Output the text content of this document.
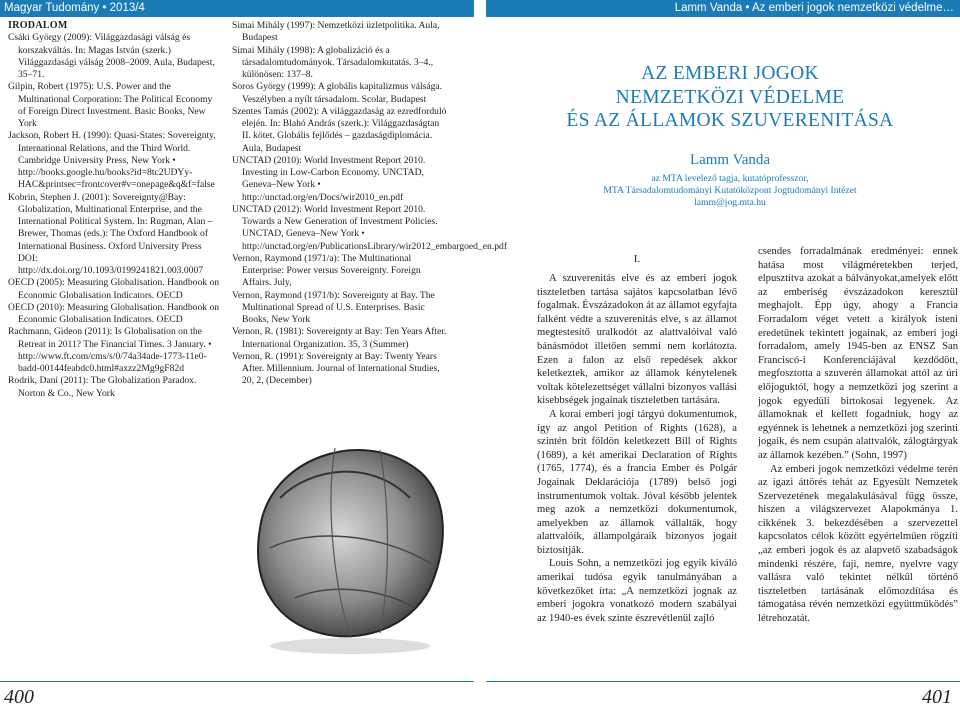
Magyar Tudomány • 2013/4	Lamm Vanda • Az emberi jogok nemzetközi védelme…

IRODALOM

Csáki György (2009): Világgazdasági válság és korszakváltás. In: Magas István (szerk.) Világgazdasági válság 2008–2009. Aula, Budapest, 35–71.

Gilpin, Robert (1975): U.S. Power and the Multinational Corporation: The Political Economy of Foreign Direct Investment. Basic Books, New York

Jackson, Robert H. (1990): Quasi-States: Sovereignty, International Relations, and the Third World. Cambridge University Press, New York • http://books.google.hu/books?id=8tc2UDYy-HAC&printsec=frontcover#v=onepage&q&f=false

Kobrin, Stephen J. (2001): Sovereignty@Bay: Globalization, Multinational Enterprise, and the International Political System. In: Rugman, Alan – Brewer, Thomas (eds.): The Oxford Handbook of International Business. Oxford University Press DOI: http://dx.doi.org/10.1093/0199241821.003.0007

OECD (2005): Measuring Globalisation. Handbook on Economic Globalisation Indicators. OECD

OECD (2010): Measuring Globalisation. Handbook on Economic Globalisation Indicators. OECD

Rachmann, Gideon (2011): Is Globalisation on the Retreat in 2011? The Financial Times. 3 January. • http://www.ft.com/cms/s/0/74a34ade-1773-11e0-badd-00144feabdc0.html#axzz2Mg9gF82d

Rodrik, Dani (2011): The Globalization Paradox. Norton & Co., New York

Simai Mihály (1997): Nemzetközi üzletpolitika. Aula, Budapest

Simai Mihály (1998): A globalizáció és a társadalomtudományok. Társadalomkutatás. 3–4., különösen: 137–8.

Soros György (1999): A globális kapitalizmus válsága. Veszélyben a nyílt társadalom. Scolar, Budapest

Szentes Tamás (2002): A világgazdaság az ezredforduló elején. In: Blahó András (szerk.): Világgazdaságtan II. kötet. Globális fejlődés – gazdaságdiplomácia. Aula, Budapest

UNCTAD (2010): World Investment Report 2010. Investing in Low-Carbon Economy. UNCTAD, Geneva–New York • http://unctad.org/en/Docs/wir2010_en.pdf

UNCTAD (2012): World Investment Report 2010. Towards a New Generation of Investment Policies. UNCTAD, Geneva–New York • http://unctad.org/en/PublicationsLibrary/wir2012_embargoed_en.pdf

Vernon, Raymond (1971/a): The Multinational Enterprise: Power versus Sovereignty. Foreign Affairs. July,

Vernon, Raymond (1971/b): Sovereignty at Bay. The Multinational Spread of U.S. Enterprises. Basic Books, New York

Vernon, R. (1981): Sovereignty at Bay: Ten Years After. International Organization. 35, 3 (Summer)

Vernon, R. (1991): Sovereignty at Bay: Twenty Years After. Millennium. Journal of International Studies, 20, 2, (December)

AZ EMBERI JOGOK
NEMZETKÖZI VÉDELME
ÉS AZ ÁLLAMOK SZUVERENITÁSA
Lamm Vanda
az MTA levelező tagja, kutatóprofesszor,
MTA Társadalomtudományi Kutatóközpont Jogtudományi Intézet
lamm@jog.mta.hu
I.

A szuverenitás elve és az emberi jogok tiszteletben tartása sajátos kapcsolatban lévő fogalmak. Évszázadokon át az államot egyfajta falként védte a szuverenitás elve, s az államot megtestesítő uralkodót az alattvalóival való bánásmódot illetően semmi nem korlátozta. Ezen a falon az első repedések akkor keletkeztek, amikor az államok kénytelenek voltak kötelezettséget vállalni bizonyos vallási kisebbségek jogainak tiszteletben tartására.

A korai emberi jogi tárgyú dokumentumok, így az angol Petition of Rights (1628), a szintén brit földön keletkezett Bill of Rights (1689), a két amerikai Declaration of Rights (1765, 1774), és a francia Ember és Polgár Jogainak Deklarációja (1789) belső jogi instrumentumok voltak. Jóval később jelentek meg azok a nemzetközi dokumentumok, amelyekben az államok vállalták, hogy alattvalóik, állampolgáraik bizonyos jogait biztosítják.

Louis Sohn, a nemzetközi jog egyik kiváló amerikai tudósa egyik tanulmányában a következőket írta: „A nemzetközi jognak az emberi jogokra vonatkozó modern szabályai az 1940-es évek szinte észrevétlenül zajló

csendes forradalmának eredményei: ennek hatása most világméretekben terjed, elpusztítva azokat a bálványokat,amelyek előtt az emberiség évszázadokon keresztül meghajolt. Épp úgy, ahogy a Francia Forradalom véget vetett a királyok isteni eredetűnek tekintett jogainak, az emberi jogi forradalom, amely 1945-ben az ENSZ San Franciscó-i Konferenciájával kezdődött, megfosztotta a szuverén államokat attól az úri előjoguktól, hogy a nemzetközi jog szerint a jogok egyedüli birtokosai legyenek. Az államoknak el kellett fogadniuk, hogy az egyénnek is lehetnek a nemzetközi jog szerinti jogaik, és nem csupán alattvalók, zálogtárgyak az államok kezében.” (Sohn, 1997)

Az emberi jogok nemzetközi védelme terén az igazi áttörés tehát az Egyesült Nemzetek Szervezetének megalakulásával függ össze, hiszen a világszervezet Alapokmánya 1. cikkének 3. bekezdésében a szervezettel kapcsolatos célok között egyértelműen rögzíti „az emberi jogok és az alapvető szabadságok mindenki részére, faji, nemre, nyelvre vagy vallásra való tekintet nélkül történő tiszteletben tartásának előmozdítása és támogatása révén nemzetközi együttműködés” létrehozatát.

400	401
